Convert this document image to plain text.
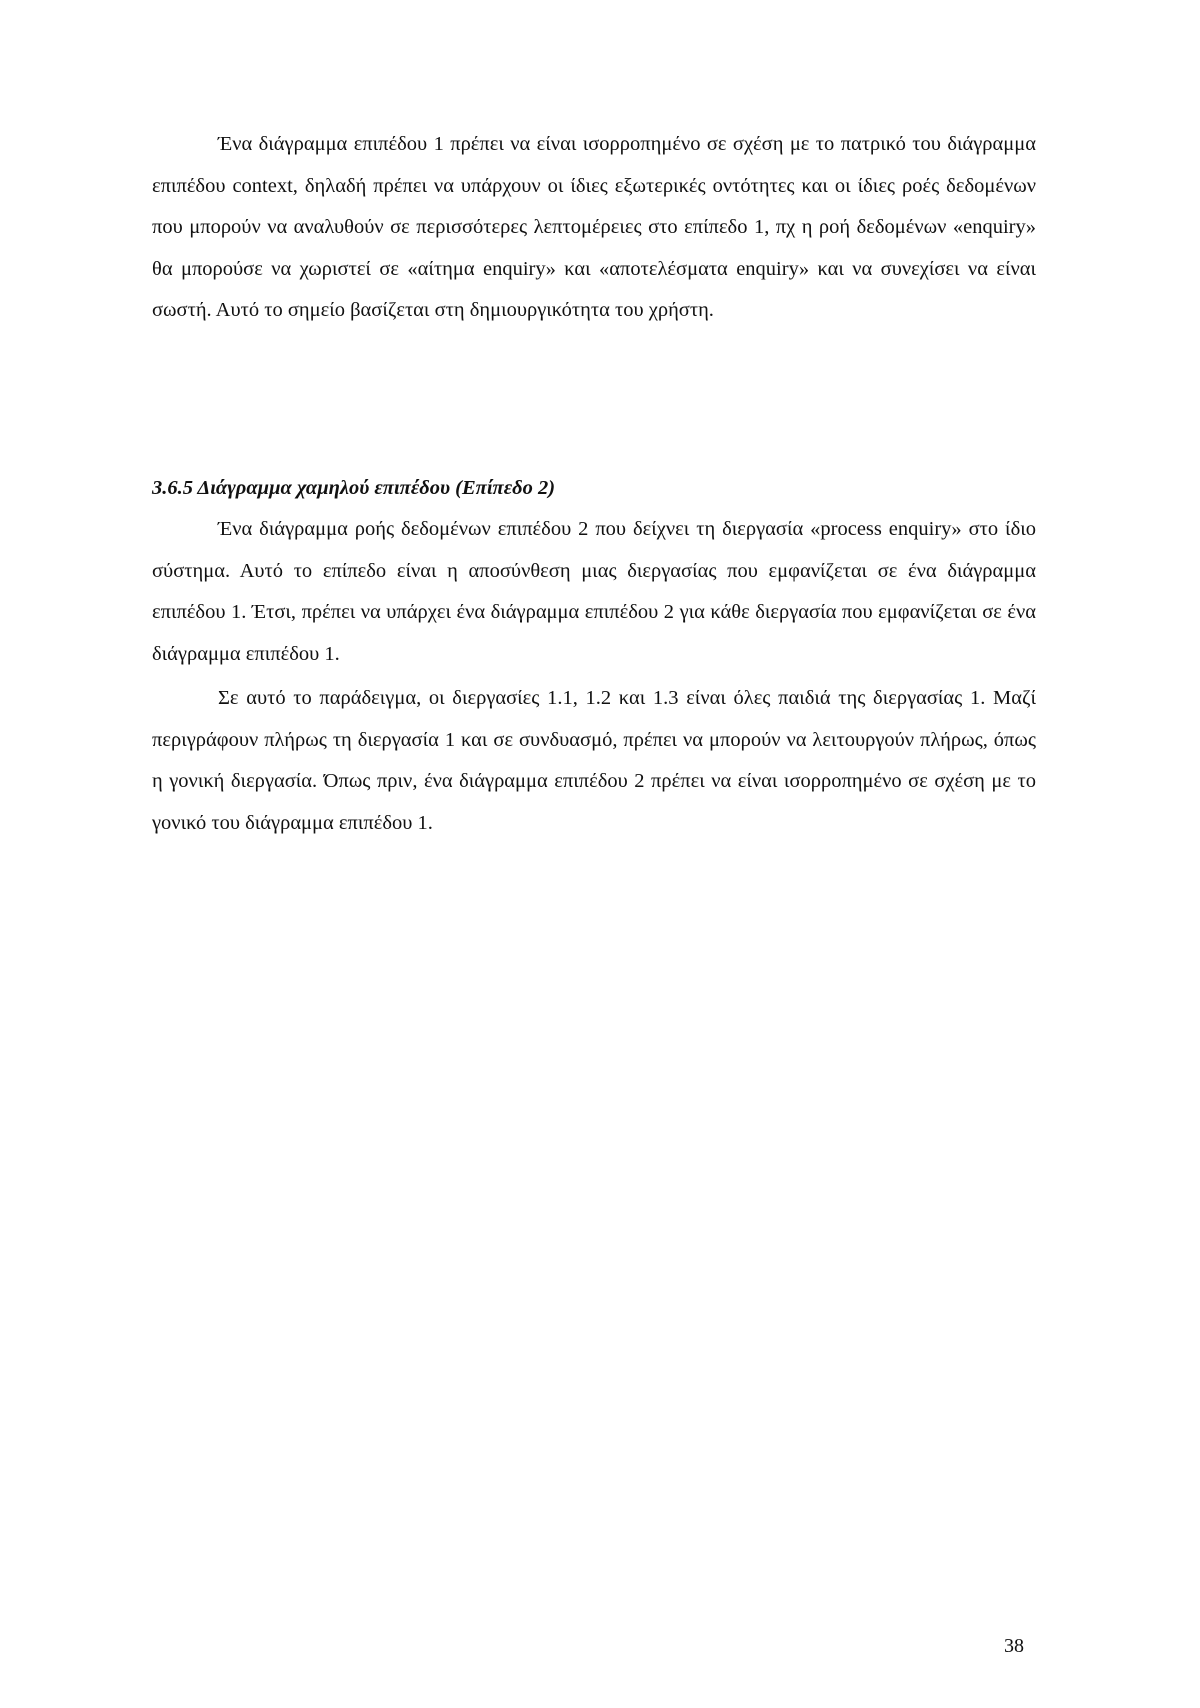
Ένα διάγραμμα επιπέδου 1 πρέπει να είναι ισορροπημένο σε σχέση με το πατρικό του διάγραμμα επιπέδου context, δηλαδή πρέπει να υπάρχουν οι ίδιες εξωτερικές οντότητες και οι ίδιες ροές δεδομένων που μπορούν να αναλυθούν σε περισσότερες λεπτομέρειες στο επίπεδο 1, πχ η ροή δεδομένων «enquiry» θα μπορούσε να χωριστεί σε «αίτημα enquiry» και «αποτελέσματα enquiry» και να συνεχίσει να είναι σωστή. Αυτό το σημείο βασίζεται στη δημιουργικότητα του χρήστη.

3.6.5 Διάγραμμα χαμηλού επιπέδου (Επίπεδο 2)

Ένα διάγραμμα ροής δεδομένων επιπέδου 2 που δείχνει τη διεργασία «process enquiry» στο ίδιο σύστημα. Αυτό το επίπεδο είναι η αποσύνθεση μιας διεργασίας που εμφανίζεται σε ένα διάγραμμα επιπέδου 1. Έτσι, πρέπει να υπάρχει ένα διάγραμμα επιπέδου 2 για κάθε διεργασία που εμφανίζεται σε ένα διάγραμμα επιπέδου 1.

Σε αυτό το παράδειγμα, οι διεργασίες 1.1, 1.2 και 1.3 είναι όλες παιδιά της διεργασίας 1. Μαζί περιγράφουν πλήρως τη διεργασία 1 και σε συνδυασμό, πρέπει να μπορούν να λειτουργούν πλήρως, όπως η γονική διεργασία. Όπως πριν, ένα διάγραμμα επιπέδου 2 πρέπει να είναι ισορροπημένο σε σχέση με το γονικό του διάγραμμα επιπέδου 1.

38
